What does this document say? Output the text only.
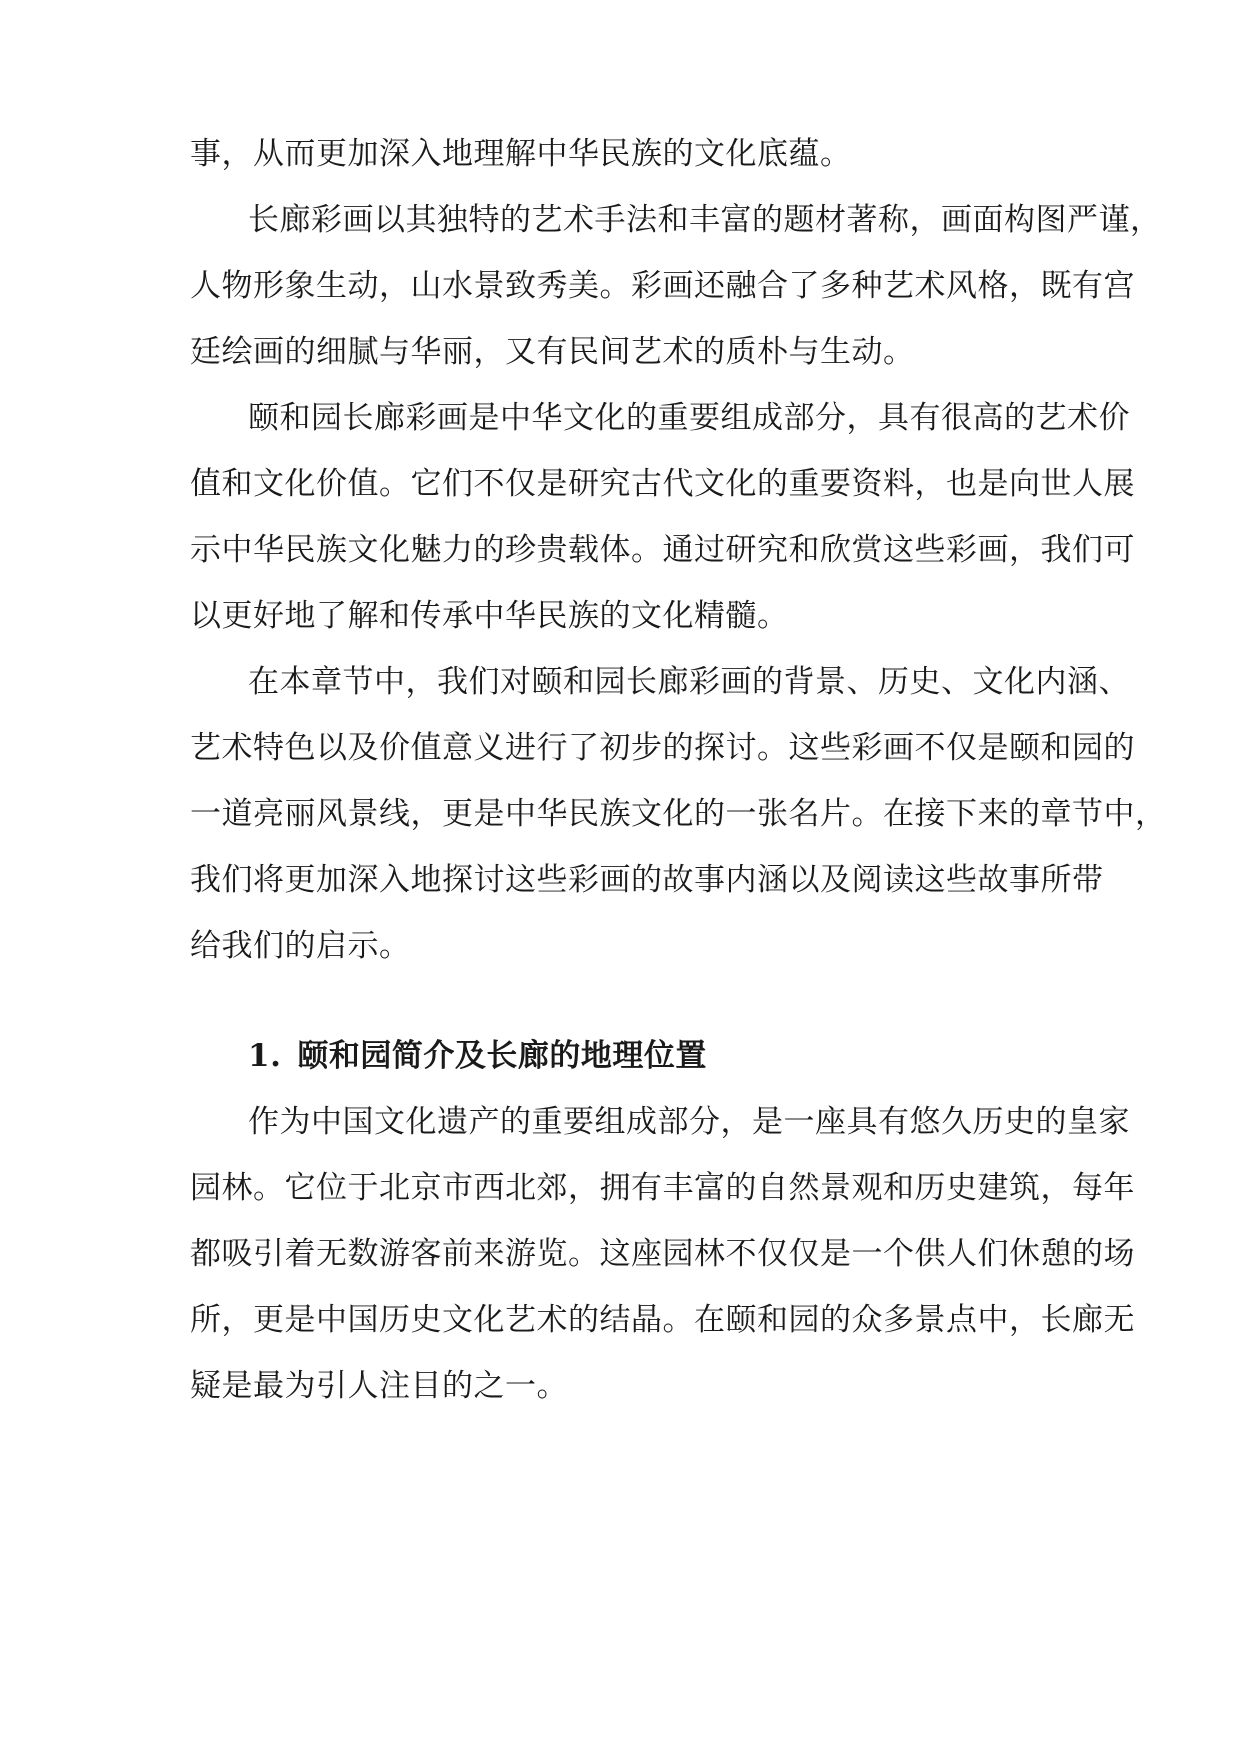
事，从而更加深入地理解中华民族的文化底蕴。
长廊彩画以其独特的艺术手法和丰富的题材著称，画面构图严谨，
人物形象生动，山水景致秀美。彩画还融合了多种艺术风格，既有宫
廷绘画的细腻与华丽，又有民间艺术的质朴与生动。
颐和园长廊彩画是中华文化的重要组成部分，具有很高的艺术价
值和文化价值。它们不仅是研究古代文化的重要资料，也是向世人展
示中华民族文化魅力的珍贵载体。通过研究和欣赏这些彩画，我们可
以更好地了解和传承中华民族的文化精髓。
在本章节中，我们对颐和园长廊彩画的背景、历史、文化内涵、
艺术特色以及价值意义进行了初步的探讨。这些彩画不仅是颐和园的
一道亮丽风景线，更是中华民族文化的一张名片。在接下来的章节中，
我们将更加深入地探讨这些彩画的故事内涵以及阅读这些故事所带
给我们的启示。
1. 颐和园简介及长廊的地理位置
作为中国文化遗产的重要组成部分，是一座具有悠久历史的皇家
园林。它位于北京市西北郊，拥有丰富的自然景观和历史建筑，每年
都吸引着无数游客前来游览。这座园林不仅仅是一个供人们休憩的场
所，更是中国历史文化艺术的结晶。在颐和园的众多景点中，长廊无
疑是最为引人注目的之一。
